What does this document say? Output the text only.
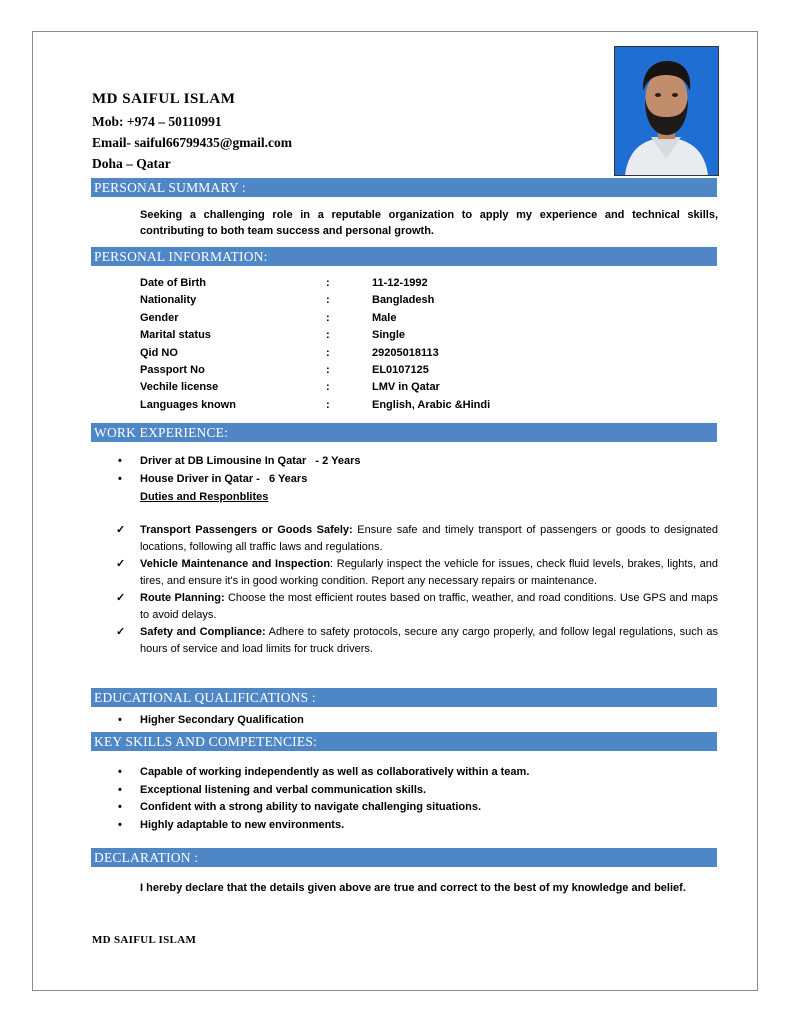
MD SAIFUL ISLAM
Mob: +974 – 50110991
Email- saiful66799435@gmail.com
Doha – Qatar
PERSONAL SUMMARY :
Seeking a challenging role in a reputable organization to apply my experience and technical skills, contributing to both team success and personal growth.
PERSONAL INFORMATION:
Date of Birth	:	11-12-1992
Nationality	:	Bangladesh
Gender	:	Male
Marital status	:	Single
Qid NO	:	29205018113
Passport No	:	EL0107125
Vechile license	:	LMV in Qatar
Languages known	:	English, Arabic &Hindi
WORK EXPERIENCE:
• Driver at DB Limousine In Qatar   - 2 Years
• House Driver in Qatar -   6 Years
Duties and Responblites
✓ Transport Passengers or Goods Safely: Ensure safe and timely transport of passengers or goods to designated locations, following all traffic laws and regulations.
✓ Vehicle Maintenance and Inspection: Regularly inspect the vehicle for issues, check fluid levels, brakes, lights, and tires, and ensure it's in good working condition. Report any necessary repairs or maintenance.
✓ Route Planning: Choose the most efficient routes based on traffic, weather, and road conditions. Use GPS and maps to avoid delays.
✓ Safety and Compliance: Adhere to safety protocols, secure any cargo properly, and follow legal regulations, such as hours of service and load limits for truck drivers.
EDUCATIONAL QUALIFICATIONS :
• Higher Secondary Qualification
KEY SKILLS AND COMPETENCIES:
• Capable of working independently as well as collaboratively within a team.
• Exceptional listening and verbal communication skills.
• Confident with a strong ability to navigate challenging situations.
• Highly adaptable to new environments.
DECLARATION :
I hereby declare that the details given above are true and correct to the best of my knowledge and belief.
MD SAIFUL ISLAM
